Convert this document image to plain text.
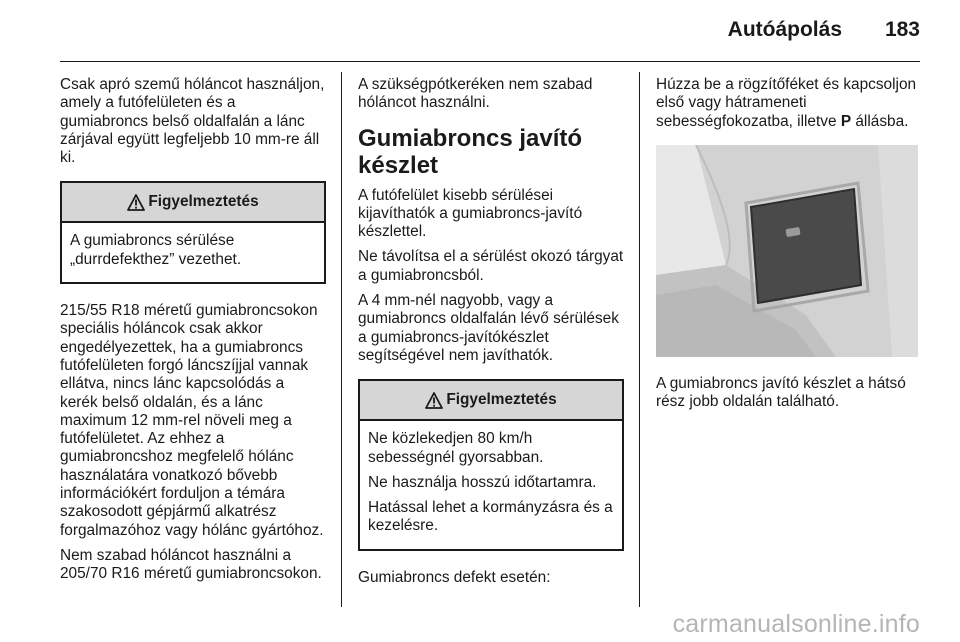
Autóápolás 183

Csak apró szemű hóláncot használjon, amely a futófelületen és a gumiabroncs belső oldalfalán a lánc zárjával együtt legfeljebb 10 mm-re áll ki.

Figyelmeztetés

A gumiabroncs sérülése „durrdefekthez” vezethet.

215/55 R18 méretű gumiabroncsokon speciális hóláncok csak akkor engedélyezettek, ha a gumiabroncs futófelületen forgó láncszíjjal vannak ellátva, nincs lánc kapcsolódás a kerék belső oldalán, és a lánc maximum 12 mm-rel növeli meg a futófelületet. Az ehhez a gumiabroncshoz megfelelő hólánc használatára vonatkozó bővebb információkért forduljon a témára szakosodott gépjármű alkatrész forgalmazóhoz vagy hólánc gyártóhoz.

Nem szabad hóláncot használni a 205/70 R16 méretű gumiabroncsokon.

A szükségpótkeréken nem szabad hóláncot használni.

Gumiabroncs javító készlet

A futófelület kisebb sérülései kijavíthatók a gumiabroncs-javító készlettel.

Ne távolítsa el a sérülést okozó tárgyat a gumiabroncsból.

A 4 mm-nél nagyobb, vagy a gumiabroncs oldalfalán lévő sérülések a gumiabroncs-javítókészlet segítségével nem javíthatók.

Figyelmeztetés

Ne közlekedjen 80 km/h sebességnél gyorsabban.

Ne használja hosszú időtartamra.

Hatással lehet a kormányzásra és a kezelésre.

Gumiabroncs defekt esetén:

Húzza be a rögzítőféket és kapcsoljon első vagy hátrameneti sebességfokozatba, illetve P állásba.

A gumiabroncs javító készlet a hátsó rész jobb oldalán található.

carmanualsonline.info
